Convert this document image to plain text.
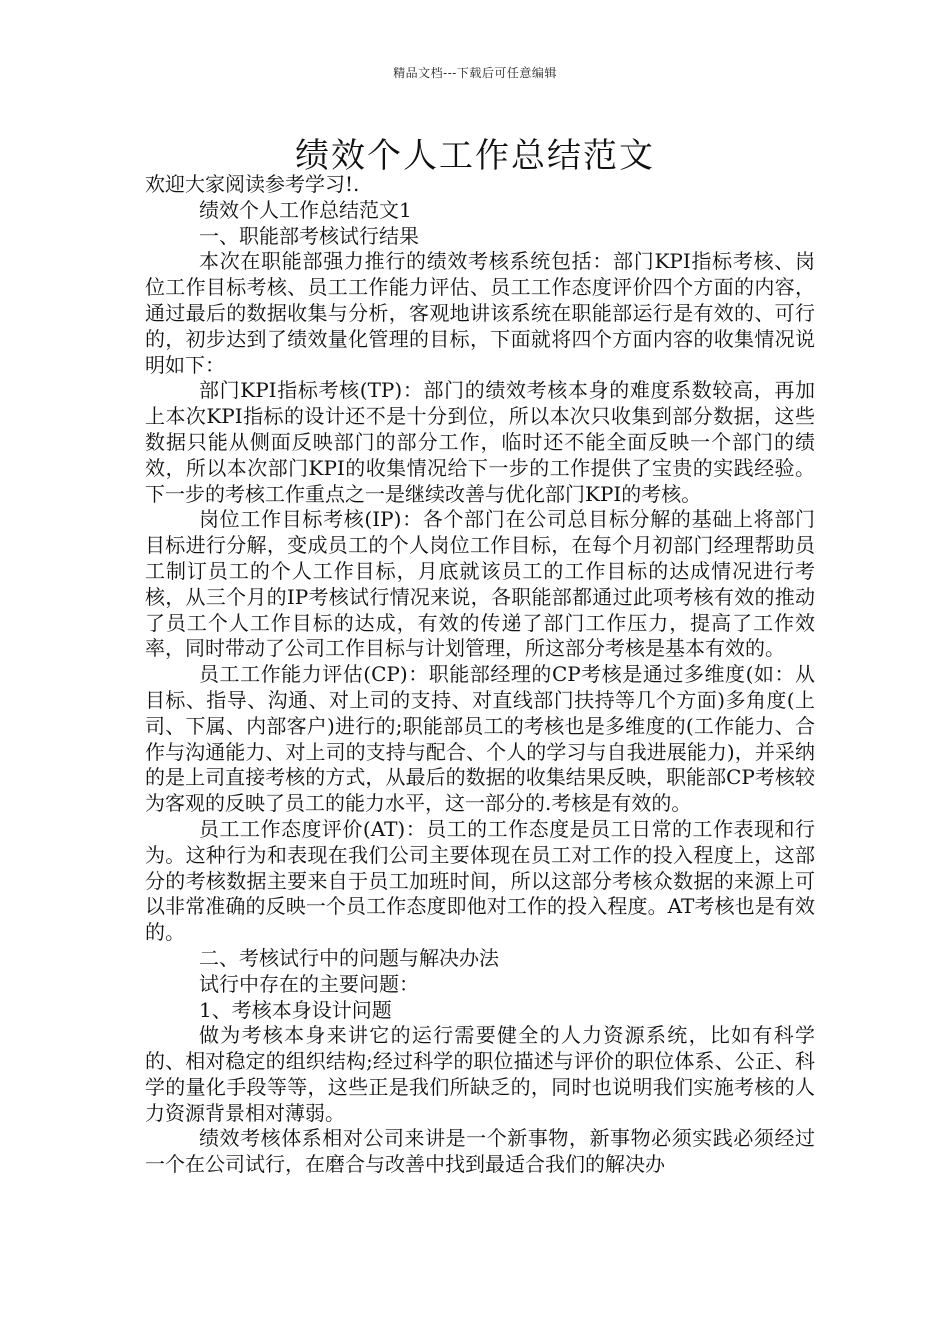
精品文档---下载后可任意编辑
绩效个人工作总结范文

欢迎大家阅读参考学习!.

绩效个人工作总结范文1

一、职能部考核试行结果

本次在职能部强力推行的绩效考核系统包括：部门KPI指标考核、岗位工作目标考核、员工工作能力评估、员工工作态度评价四个方面的内容，通过最后的数据收集与分析，客观地讲该系统在职能部运行是有效的、可行的，初步达到了绩效量化管理的目标，下面就将四个方面内容的收集情况说明如下：

部门KPI指标考核(TP)：部门的绩效考核本身的难度系数较高，再加上本次KPI指标的设计还不是十分到位，所以本次只收集到部分数据，这些数据只能从侧面反映部门的部分工作，临时还不能全面反映一个部门的绩效，所以本次部门KPI的收集情况给下一步的工作提供了宝贵的实践经验。下一步的考核工作重点之一是继续改善与优化部门KPI的考核。

岗位工作目标考核(IP)：各个部门在公司总目标分解的基础上将部门目标进行分解，变成员工的个人岗位工作目标，在每个月初部门经理帮助员工制订员工的个人工作目标，月底就该员工的工作目标的达成情况进行考核，从三个月的IP考核试行情况来说，各职能部都通过此项考核有效的推动了员工个人工作目标的达成，有效的传递了部门工作压力，提高了工作效率，同时带动了公司工作目标与计划管理，所这部分考核是基本有效的。

员工工作能力评估(CP)：职能部经理的CP考核是通过多维度(如：从目标、指导、沟通、对上司的支持、对直线部门扶持等几个方面)多角度(上司、下属、内部客户)进行的;职能部员工的考核也是多维度的(工作能力、合作与沟通能力、对上司的支持与配合、个人的学习与自我进展能力)，并采纳的是上司直接考核的方式，从最后的数据的收集结果反映，职能部CP考核较为客观的反映了员工的能力水平，这一部分的.考核是有效的。

员工工作态度评价(AT)：员工的工作态度是员工日常的工作表现和行为。这种行为和表现在我们公司主要体现在员工对工作的投入程度上，这部分的考核数据主要来自于员工加班时间，所以这部分考核众数据的来源上可以非常准确的反映一个员工作态度即他对工作的投入程度。AT考核也是有效的。

二、考核试行中的问题与解决办法

试行中存在的主要问题：

1、考核本身设计问题

做为考核本身来讲它的运行需要健全的人力资源系统，比如有科学的、相对稳定的组织结构;经过科学的职位描述与评价的职位体系、公正、科学的量化手段等等，这些正是我们所缺乏的，同时也说明我们实施考核的人力资源背景相对薄弱。

绩效考核体系相对公司来讲是一个新事物，新事物必须实践必须经过一个在公司试行，在磨合与改善中找到最适合我们的解决办
